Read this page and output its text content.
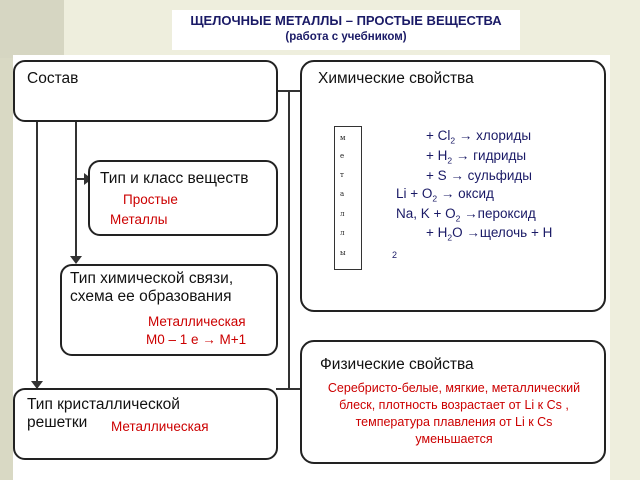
ЩЕЛОЧНЫЕ МЕТАЛЛЫ – ПРОСТЫЕ ВЕЩЕСТВА
(работа с учебником)
Состав	Химические свойства
м
е
т
а
л
л
ы
+ $Cl_2$ → хлориды
+ $H_2$ → гидриды
+ S → сульфиды
$Li + O_2$ → оксид
Na, $K + O_2$ →пероксид
+ $H_2O$ →щелочь + H
2
Тип и класс веществ
Простые
Металлы
Тип химической связи,
схема ее образования
Металлическая
M0 – 1 e → M+1
Физические свойства
Серебристо-белые, мягкие, металлический
блеск, плотность возрастает от Li к Cs ,
температура плавления от Li к Cs
уменьшается
Тип кристаллической
решетки Металлическая
